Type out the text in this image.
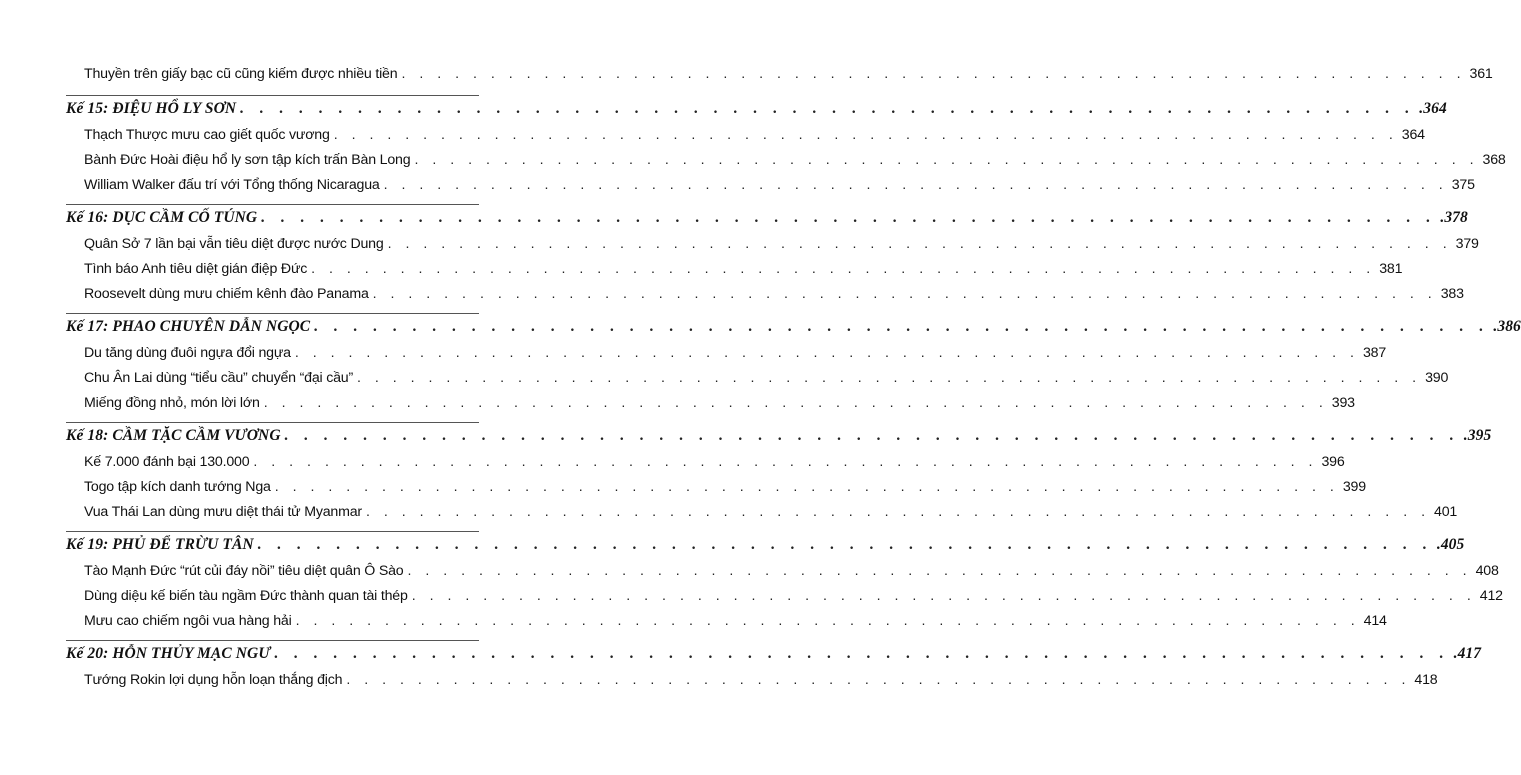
Thuyền trên giấy bạc cũ cũng kiếm được nhiều tiền . . . . . . . . . . . . . . . . . . . . . . . . . . . . . . . . . . . . . . . . . . . . . . . . . . . . . . . . . . . . 361
Kế 15: ĐIỆU HỔ LY SƠN . . . . . . . . . . . . . . . . . . . . . . . . . . . . . . . . . . . . . . . . . . . . . . . . . . . . . . . . . . . . .364
Thạch Thược mưu cao giết quốc vương . . . . . . . . . . . . . . . . . . . . . . . . . . . . . . . . . . . . . . . . . . . . . . . . . . . . . . . . . . . . 364
Bành Đức Hoài điệu hổ ly sơn tập kích trấn Bàn Long . . . . . . . . . . . . . . . . . . . . . . . . . . . . . . . . . . . . . . . . . . . . . . . . . . . . . . . . . . . . 368
William Walker đấu trí với Tổng thống Nicaragua . . . . . . . . . . . . . . . . . . . . . . . . . . . . . . . . . . . . . . . . . . . . . . . . . . . . . . . . . . . . 375
Kế 16: DỤC CẦM CỐ TÚNG . . . . . . . . . . . . . . . . . . . . . . . . . . . . . . . . . . . . . . . . . . . . . . . . . . . . . . . . . . . . .378
Quân Sở 7 lần bại vẫn tiêu diệt được nước Dung . . . . . . . . . . . . . . . . . . . . . . . . . . . . . . . . . . . . . . . . . . . . . . . . . . . . . . . . . . . . 379
Tình báo Anh tiêu diệt gián điệp Đức . . . . . . . . . . . . . . . . . . . . . . . . . . . . . . . . . . . . . . . . . . . . . . . . . . . . . . . . . . . . 381
Roosevelt dùng mưu chiếm kênh đào Panama . . . . . . . . . . . . . . . . . . . . . . . . . . . . . . . . . . . . . . . . . . . . . . . . . . . . . . . . . . . . 383
Kế 17: PHAO CHUYÊN DẪN NGỌC . . . . . . . . . . . . . . . . . . . . . . . . . . . . . . . . . . . . . . . . . . . . . . . . . . . . . . . . . . . . .386
Du tăng dùng đuôi ngựa đổi ngựa . . . . . . . . . . . . . . . . . . . . . . . . . . . . . . . . . . . . . . . . . . . . . . . . . . . . . . . . . . . . 387
Chu Ân Lai dùng “tiểu cầu” chuyển “đại cầu” . . . . . . . . . . . . . . . . . . . . . . . . . . . . . . . . . . . . . . . . . . . . . . . . . . . . . . . . . . . . 390
Miếng đồng nhỏ, món lời lớn . . . . . . . . . . . . . . . . . . . . . . . . . . . . . . . . . . . . . . . . . . . . . . . . . . . . . . . . . . . . 393
Kế 18: CẦM TẶC CẦM VƯƠNG . . . . . . . . . . . . . . . . . . . . . . . . . . . . . . . . . . . . . . . . . . . . . . . . . . . . . . . . . . . . .395
Kế 7.000 đánh bại 130.000 . . . . . . . . . . . . . . . . . . . . . . . . . . . . . . . . . . . . . . . . . . . . . . . . . . . . . . . . . . . . 396
Togo tập kích danh tướng Nga . . . . . . . . . . . . . . . . . . . . . . . . . . . . . . . . . . . . . . . . . . . . . . . . . . . . . . . . . . . . 399
Vua Thái Lan dùng mưu diệt thái tử Myanmar . . . . . . . . . . . . . . . . . . . . . . . . . . . . . . . . . . . . . . . . . . . . . . . . . . . . . . . . . . . . 401
Kế 19: PHỦ ĐỂ TRỪU TÂN . . . . . . . . . . . . . . . . . . . . . . . . . . . . . . . . . . . . . . . . . . . . . . . . . . . . . . . . . . . . .405
Tào Mạnh Đức “rút củi đáy nồi” tiêu diệt quân Ô Sào . . . . . . . . . . . . . . . . . . . . . . . . . . . . . . . . . . . . . . . . . . . . . . . . . . . . . . . . . . . . 408
Dùng diệu kế biến tàu ngầm Đức thành quan tài thép . . . . . . . . . . . . . . . . . . . . . . . . . . . . . . . . . . . . . . . . . . . . . . . . . . . . . . . . . . . . 412
Mưu cao chiếm ngôi vua hàng hải . . . . . . . . . . . . . . . . . . . . . . . . . . . . . . . . . . . . . . . . . . . . . . . . . . . . . . . . . . . . 414
Kế 20: HỖN THỦY MẠC NGƯ . . . . . . . . . . . . . . . . . . . . . . . . . . . . . . . . . . . . . . . . . . . . . . . . . . . . . . . . . . . . .417
Tướng Rokin lợi dụng hỗn loạn thắng địch . . . . . . . . . . . . . . . . . . . . . . . . . . . . . . . . . . . . . . . . . . . . . . . . . . . . . . . . . . . . 418
